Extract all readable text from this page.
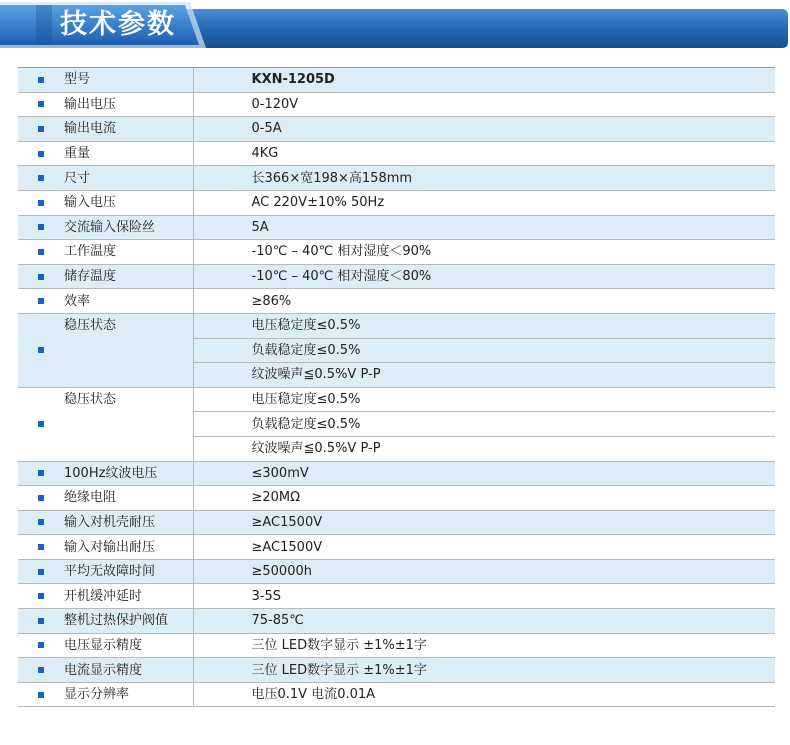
技术参数
	型号	KXN-1205D
	输出电压	0-120V
	输出电流	0-5A
	重量	4KG
	尺寸	长366×宽198×高158mm
	输入电压	AC 220V±10% 50Hz
	交流输入保险丝	5A
	工作温度	-10℃ – 40℃ 相对湿度＜90%
	储存温度	-10℃ – 40℃ 相对湿度＜80%
	效率	≥86%
	稳压状态	电压稳定度≤0.5%
		负载稳定度≤0.5%
		纹波噪声≦0.5%V P-P
	稳压状态	电压稳定度≤0.5%
		负载稳定度≤0.5%
		纹波噪声≦0.5%V P-P
	100Hz纹波电压	≤300mV
	绝缘电阻	≥20MΩ
	输入对机壳耐压	≥AC1500V
	输入对输出耐压	≥AC1500V
	平均无故障时间	≥50000h
	开机缓冲延时	3-5S
	整机过热保护阀值	75-85℃
	电压显示精度	三位 LED数字显示 ±1%±1字
	电流显示精度	三位 LED数字显示 ±1%±1字
	显示分辨率	电压0.1V 电流0.01A
